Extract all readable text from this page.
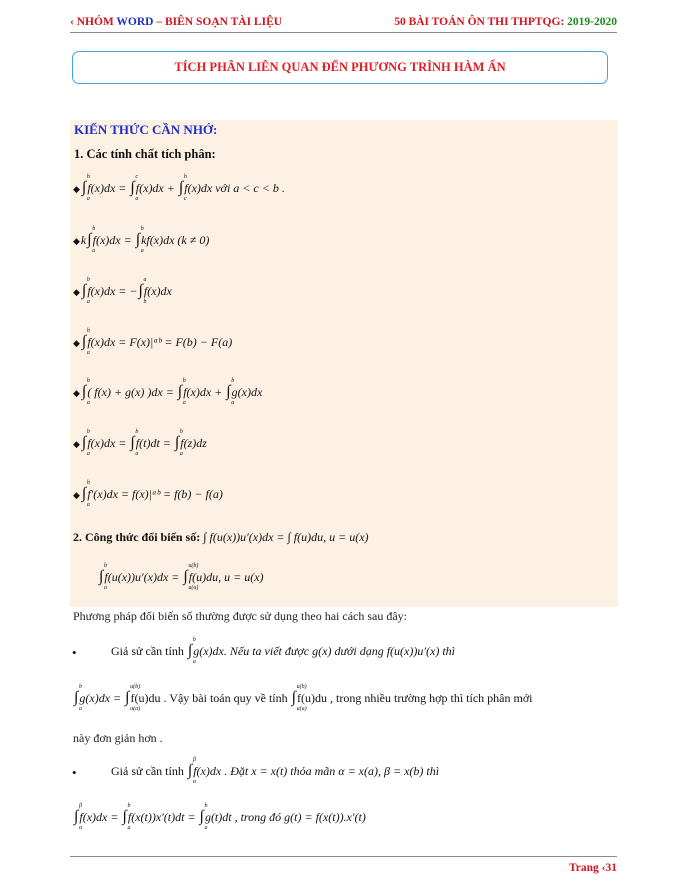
‹ NHÓM WORD – BIÊN SOẠN TÀI LIỆU	50 BÀI TOÁN ÔN THI THPTQG: 2019-2020
TÍCH PHÂN LIÊN QUAN ĐẾN PHƯƠNG TRÌNH HÀM ẨN
KIẾN THỨC CẦN NHỚ:
1. Các tính chất tích phân:
◆ ∫
b
a
f(x)dx = ∫
c
a
f(x)dx + ∫
b
c
f(x)dx với a < c < b .
◆k∫
b
a
f(x)dx = ∫
b
a
kf(x)dx (k ≠ 0)
◆ ∫
b
a
f(x)dx = −∫
a
b
f(x)dx
◆ ∫
b
a
f(x)dx = F(x)|ᵃᵇ = F(b) − F(a)
◆ ∫
b
a
( f(x) + g(x) )dx = ∫
b
a
f(x)dx + ∫
b
a
g(x)dx
◆ ∫
b
a
f(x)dx = ∫
b
a
f(t)dt = ∫
b
a
f(z)dz
◆ ∫
b
a
f′(x)dx = f(x)|ᵃᵇ = f(b) − f(a)
2. Công thức đổi biến số: ∫ f(u(x))u′(x)dx = ∫ f(u)du, u = u(x)
∫
b
a
f(u(x))u′(x)dx = ∫
u(b)
u(a)
f(u)du, u = u(x)
Phương pháp đổi biến số thường được sử dụng theo hai cách sau đây:
•	Giả sử cần tính ∫
b
a
g(x)dx. Nếu ta viết được g(x) dưới dạng f(u(x))u′(x) thì
∫
b
a
g(x)dx = ∫
u(b)
u(a)
f(u)du . Vậy bài toán quy về tính ∫
u(b)
u(a)
f(u)du , trong nhiều trường hợp thì tích phân mới
này đơn giản hơn .
•	Giả sử cần tính ∫
β
α
f(x)dx . Đặt x = x(t) thỏa mãn α = x(a), β = x(b) thì
∫
β
α
f(x)dx = ∫
b
a
f(x(t))x′(t)dt = ∫
b
a
g(t)dt , trong đó g(t) = f(x(t)).x′(t)
Trang ‹31
